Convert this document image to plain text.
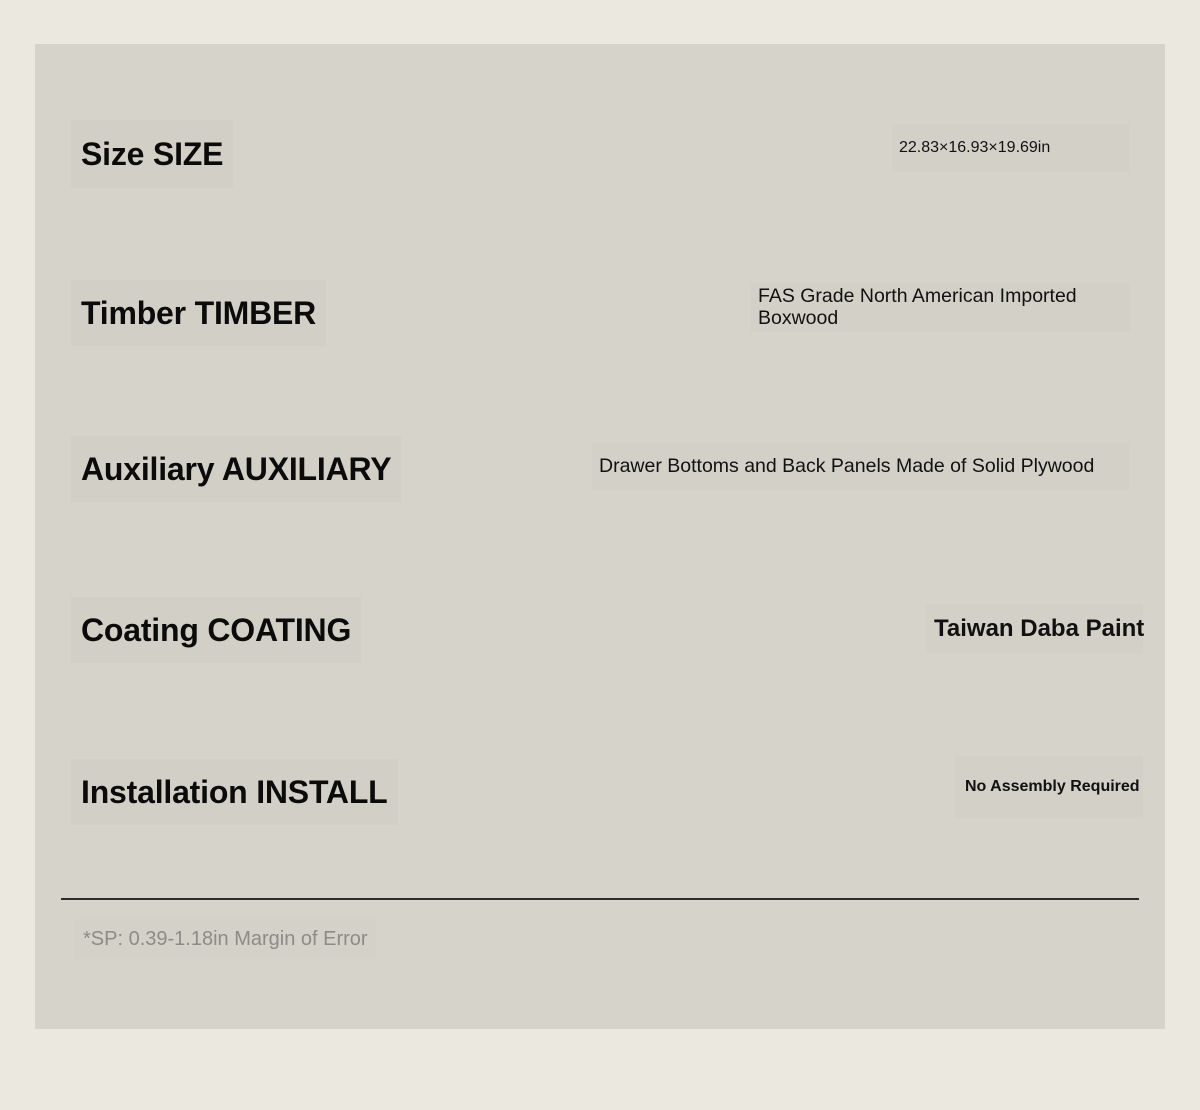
Size SIZE	22.83×16.93×19.69in
Timber TIMBER	FAS Grade North American Imported Boxwood
Auxiliary AUXILIARY	Drawer Bottoms and Back Panels Made of Solid Plywood
Coating COATING	Taiwan Daba Paint
Installation INSTALL	No Assembly Required
*SP: 0.39-1.18in Margin of Error
